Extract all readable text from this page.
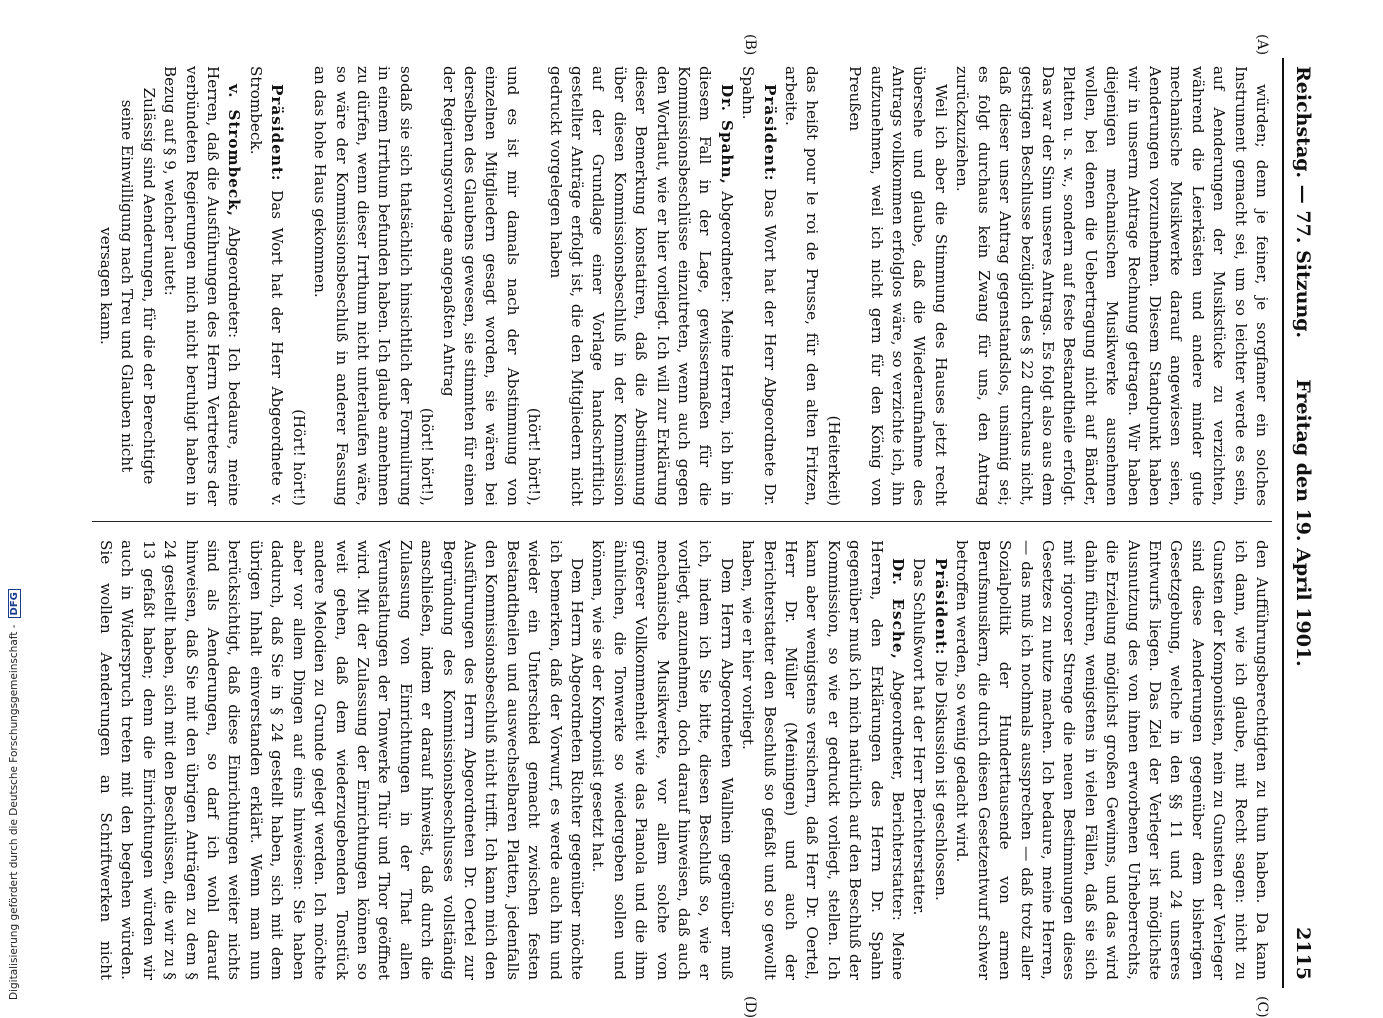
Reichstag. — 77. Sitzung.
Freitag den 19. April 1901.
2115
(A)
(B)
(C)
(D)

würden; denn je feiner, je sorgfamer ein solches Instrument gemacht sei, um so leichter werde es sein, auf Aenderungen der Musikstücke zu verzichten, während die Leierkästen und andere minder gute mechanische Musikwerke darauf angewiesen seien, Aenderungen vorzunehmen. Diesem Standpunkt haben wir in unserm Antrage Rechnung getragen. Wir haben diejenigen mechanischen Musikwerke ausnehmen wollen, bei denen die Uebertragung nicht auf Bänder, Platten u. s. w., sondern auf feste Bestandtheile erfolgt. Das war der Sinn unseres Antrags. Es folgt also aus dem gestrigen Beschlusse bezüglich des § 22 durchaus nicht, daß dieser unser Antrag gegenstandslos, unsinnig sei; es folgt durchaus kein Zwang für uns, den Antrag zurückzuziehen.

Weil ich aber die Stimmung des Hauses jetzt recht übersehe und glaube, daß die Wiederaufnahme des Antrags vollkommen erfolglos wäre, so verzichte ich, ihn aufzunehmen, weil ich nicht gern für den König von Preußen

(Heiterkeit)

das heißt pour le roi de Prusse, für den alten Fritzen, arbeite.

Präsident: Das Wort hat der Herr Abgeordnete Dr. Spahn.

Dr. Spahn, Abgeordneter: Meine Herren, ich bin in diesem Fall in der Lage, gewissermaßen für die Kommissionsbeschlüsse einzutreten, wenn auch gegen den Wortlaut, wie er hier vorliegt. Ich will zur Erklärung dieser Bemerkung konstatiren, daß die Abstimmung über diesen Kommissionsbeschluß in der Kommission auf der Grundlage einer Vorlage handschriftlich gestellter Anträge erfolgt ist, die den Mitgliedern nicht gedruckt vorgelegen haben

(hört! hört!),

und es ist mir damals nach der Abstimmung von einzelnen Mitgliedern gesagt worden, sie wären bei derselben des Glaubens gewesen, sie stimmten für einen der Regierungsvorlage angepaßten Antrag

(hört! hört!),

sodaß sie sich thatsächlich hinsichtlich der Formulirung in einem Irrthum befunden haben. Ich glaube annehmen zu dürfen, wenn dieser Irrthum nicht unterlaufen wäre, so wäre der Kommissionsbeschluß in anderer Fassung an das hohe Haus gekommen.

(Hört! hört!)

Präsident: Das Wort hat der Herr Abgeordnete v. Strombeck.

v. Strombeck, Abgeordneter: Ich bedaure, meine Herren, daß die Ausführungen des Herrn Vertreters der verbündeten Regierungen mich nicht beruhigt haben in Bezug auf § 9, welcher lautet:

Zulässig sind Aenderungen, für die der Berechtigte seine Einwilligung nach Treu und Glauben nicht versagen kann.

den Aufführungsberechtigten zu thun haben. Da kann ich dann, wie ich glaube, mit Recht sagen: nicht zu Gunsten der Komponisten, nein zu Gunsten der Verleger sind diese Aenderungen gegenüber dem bisherigen Gesetzgebung, welche in den §§ 11 und 24 unseres Entwurfs liegen. Das Ziel der Verleger ist möglichste Ausnutzung des von ihnen erworbenen Urheberrechts, die Erzielung möglichst großen Gewinns, und das wird dahin führen, wenigstens in vielen Fällen, daß sie sich mit rigoroser Strenge die neuen Bestimmungen dieses Gesetzes zu nutze machen. Ich bedaure, meine Herren, — das muß ich nochmals aussprechen — daß trotz aller Sozialpolitik der Hunderttausende von armen Berufsmusikern, die durch diesen Gesetzentwurf schwer betroffen werden, so wenig gedacht wird.

Präsident: Die Diskussion ist geschlossen.

Das Schlußwort hat der Herr Berichterstatter.

Dr. Esche, Abgeordneter, Berichterstatter: Meine Herren, den Erklärungen des Herrn Dr. Spahn gegenüber muß ich mich natürlich auf den Beschluß der Kommission, so wie er gedruckt vorliegt, stellen. Ich kann aber wenigstens versichern, daß Herr Dr. Oertel, Herr Dr. Müller (Meiningen) und auch der Berichterstatter den Beschluß so gefaßt und so gewollt haben, wie er hier vorliegt.

Dem Herrn Abgeordneten Wallhein gegenüber muß ich, indem ich Sie bitte, diesen Beschluß so, wie er vorliegt, anzunehmen, doch darauf hinweisen, daß auch mechanische Musikwerke, vor allem solche von größerer Vollkommenheit wie das Pianola und die ihm ähnlichen, die Tonwerke so wiedergeben sollen und können, wie sie der Komponist gesetzt hat.

Dem Herrn Abgeordneten Richter gegenüber möchte ich bemerken, daß der Vorwurf, es werde auch hin und wieder ein Unterschied gemacht zwischen festen Bestandtheilen und auswechselbaren Platten, jedenfalls den Kommissionsbeschluß nicht trifft. Ich kann mich den Ausführungen des Herrn Abgeordneten Dr. Oertel zur Begründung des Kommissionsbeschlusses vollständig anschließen, indem er darauf hinweist, daß durch die Zulassung von Einrichtungen in der That allen Verunstaltungen der Tonwerke Thür und Thor geöffnet wird. Mit der Zulassung der Einrichtungen können so weit gehen, daß dem wiederzugebenden Tonstück andere Melodien zu Grunde gelegt werden. Ich möchte aber vor allem Dingen auf eins hinweisen: Sie haben dadurch, daß Sie in § 24 gestellt haben, sich mit dem übrigen Inhalt einverstanden erklärt. Wenn man nun berücksichtigt, daß diese Einrichtungen weiter nichts sind als Aenderungen, so darf ich wohl darauf hinweisen, daß Sie mit den übrigen Anträgen zu dem § 24 gestellt haben, sich mit den Beschlüssen, die wir zu § 13 gefaßt haben; denn die Einrichtungen würden wir auch in Widerspruch treten mit den begehen würden. Sie wollen Aenderungen an Schriftwerken nicht

Digitalisierung gefördert durch die Deutsche Forschungsgemeinschaft -DFG
